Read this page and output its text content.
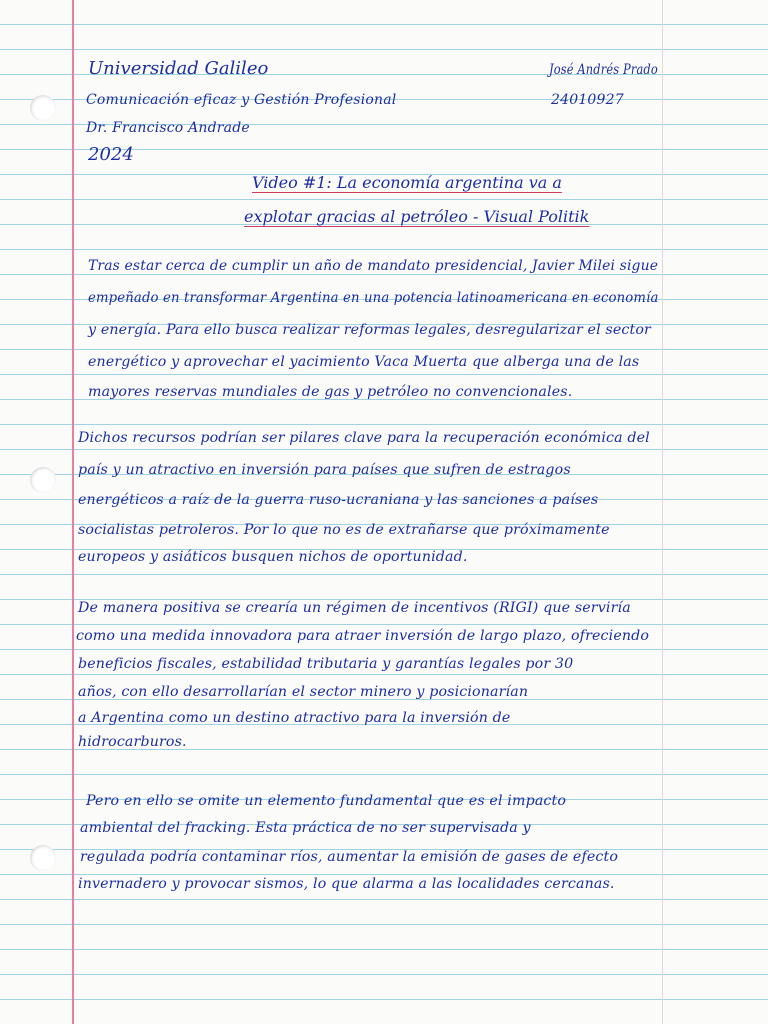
Universidad Galileo
Comunicación eficaz y Gestión Profesional
Dr. Francisco Andrade
2024
José Andrés Prado
24010927
Video #1: La economía argentina va a
explotar gracias al petróleo - Visual Politik
Tras estar cerca de cumplir un año de mandato presidencial, Javier Milei sigue
empeñado en transformar Argentina en una potencia latinoamericana en economía
y energía. Para ello busca realizar reformas legales, desregularizar el sector
energético y aprovechar el yacimiento Vaca Muerta que alberga una de las
mayores reservas mundiales de gas y petróleo no convencionales.
Dichos recursos podrían ser pilares clave para la recuperación económica del
país y un atractivo en inversión para países que sufren de estragos
energéticos a raíz de la guerra ruso-ucraniana y las sanciones a países
socialistas petroleros. Por lo que no es de extrañarse que próximamente
europeos y asiáticos busquen nichos de oportunidad.
De manera positiva se crearía un régimen de incentivos (RIGI) que serviría
como una medida innovadora para atraer inversión de largo plazo, ofreciendo
beneficios fiscales, estabilidad tributaria y garantías legales por 30
años, con ello desarrollarían el sector minero y posicionarían
a Argentina como un destino atractivo para la inversión de
hidrocarburos.
Pero en ello se omite un elemento fundamental que es el impacto
ambiental del fracking. Esta práctica de no ser supervisada y
regulada podría contaminar ríos, aumentar la emisión de gases de efecto
invernadero y provocar sismos, lo que alarma a las localidades cercanas.
